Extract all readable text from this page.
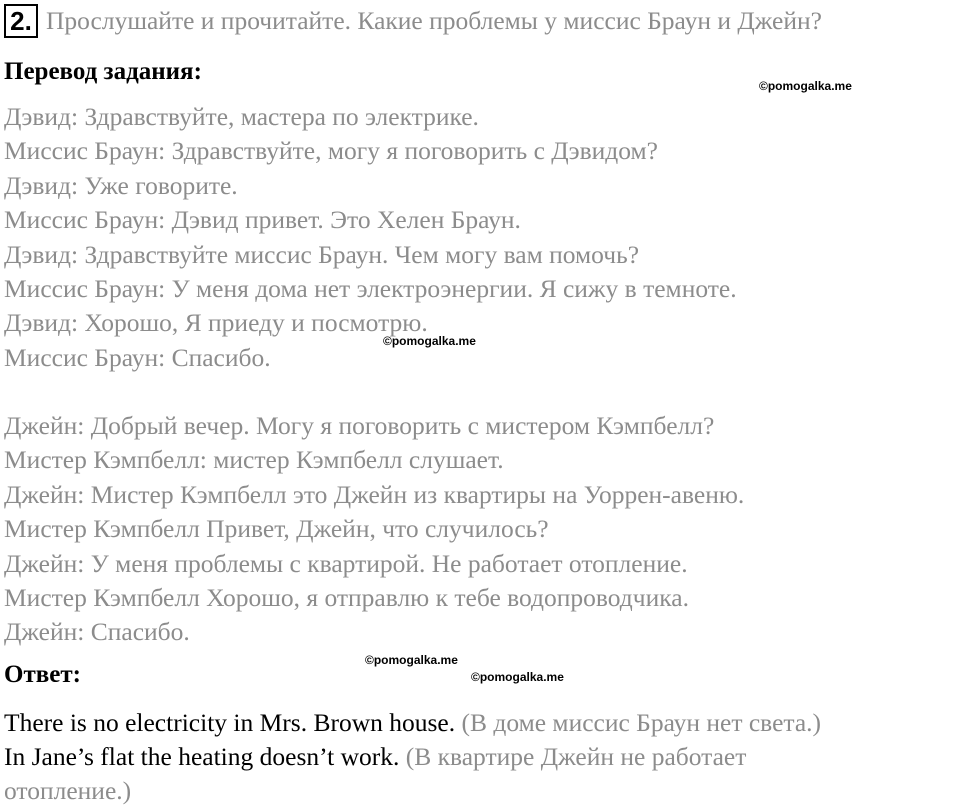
2. Прослушайте и прочитайте. Какие проблемы у миссис Браун и Джейн?
Перевод задания:
©pomogalka.me
Дэвид: Здравствуйте, мастера по электрике.
Миссис Браун: Здравствуйте, могу я поговорить с Дэвидом?
Дэвид: Уже говорите.
Миссис Браун: Дэвид привет. Это Хелен Браун.
Дэвид: Здравствуйте миссис Браун. Чем могу вам помочь?
Миссис Браун: У меня дома нет электроэнергии. Я сижу в темноте.
Дэвид: Хорошо, Я приеду и посмотрю.
Миссис Браун: Спасибо.
©pomogalka.me
Джейн: Добрый вечер. Могу я поговорить с мистером Кэмпбелл?
Мистер Кэмпбелл: мистер Кэмпбелл слушает.
Джейн: Мистер Кэмпбелл это Джейн из квартиры на Уоррен-авеню.
Мистер Кэмпбелл Привет, Джейн, что случилось?
Джейн: У меня проблемы с квартирой. Не работает отопление.
Мистер Кэмпбелл Хорошо, я отправлю к тебе водопроводчика.
Джейн: Спасибо.
Ответ:
©pomogalka.me
©pomogalka.me
There is no electricity in Mrs. Brown house. (В доме миссис Браун нет света.)
In Jane’s flat the heating doesn’t work. (В квартире Джейн не работает
отопление.)
